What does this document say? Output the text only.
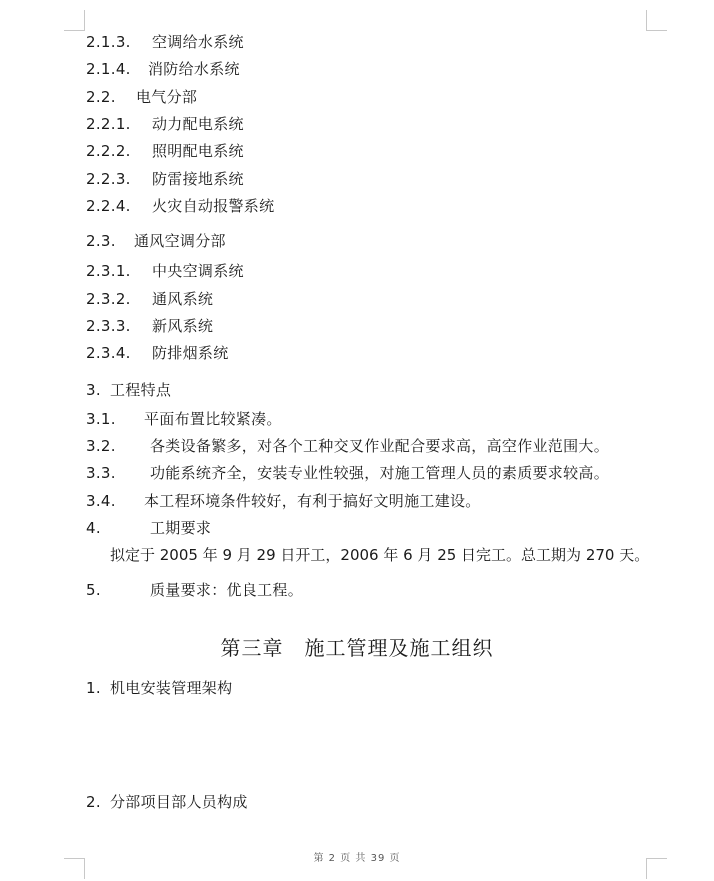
2.1.3. 空调给水系统
2.1.4. 消防给水系统
2.2. 电气分部
2.2.1. 动力配电系统
2.2.2. 照明配电系统
2.2.3. 防雷接地系统
2.2.4. 火灾自动报警系统
2.3. 通风空调分部
2.3.1. 中央空调系统
2.3.2. 通风系统
2.3.3. 新风系统
2.3.4. 防排烟系统
3. 工程特点
3.1. 平面布置比较紧凑。
3.2. 各类设备繁多，对各个工种交叉作业配合要求高，高空作业范围大。
3.3. 功能系统齐全，安装专业性较强，对施工管理人员的素质要求较高。
3.4. 本工程环境条件较好，有利于搞好文明施工建设。
4.	工期要求
拟定于 2005 年 9 月 29 日开工，2006 年 6 月 25 日完工。总工期为 270 天。
5.	质量要求：优良工程。
第三章　施工管理及施工组织
1. 机电安装管理架构
2. 分部项目部人员构成
第 2 页 共 39 页
